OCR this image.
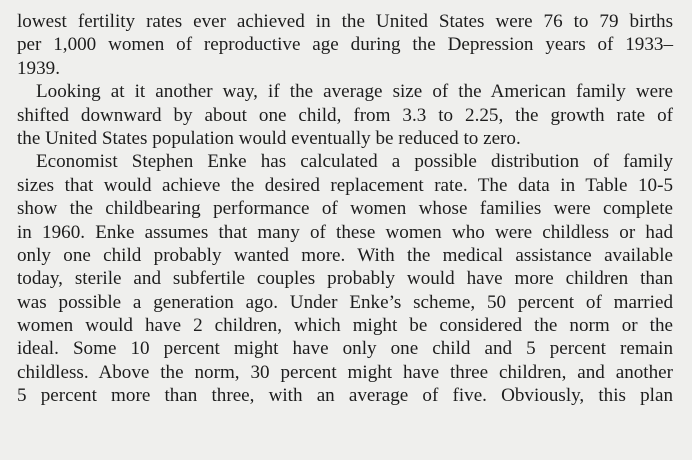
lowest fertility rates ever achieved in the United States were 76 to 79 births
per 1,000 women of reproductive age during the Depression years of 1933–
1939.
Looking at it another way, if the average size of the American family were
shifted downward by about one child, from 3.3 to 2.25, the growth rate of
the United States population would eventually be reduced to zero.
Economist Stephen Enke has calculated a possible distribution of family
sizes that would achieve the desired replacement rate. The data in Table 10-5
show the childbearing performance of women whose families were complete
in 1960. Enke assumes that many of these women who were childless or had
only one child probably wanted more. With the medical assistance available
today, sterile and subfertile couples probably would have more children than
was possible a generation ago. Under Enke’s scheme, 50 percent of married
women would have 2 children, which might be considered the norm or the
ideal. Some 10 percent might have only one child and 5 percent remain
childless. Above the norm, 30 percent might have three children, and another
5 percent more than three, with an average of five. Obviously, this plan
